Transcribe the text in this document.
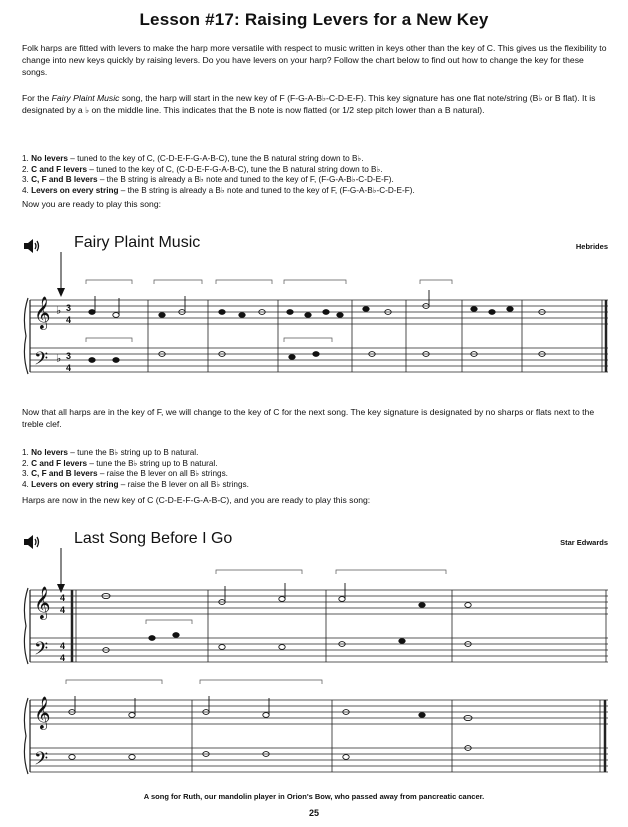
Lesson #17: Raising Levers for a New Key
Folk harps are fitted with levers to make the harp more versatile with respect to music written in keys other than the key of C. This gives us the flexibility to change into new keys quickly by raising levers. Do you have levers on your harp? Follow the chart below to find out how to change the key for these songs.
For the Fairy Plaint Music song, the harp will start in the new key of F (F-G-A-B♭-C-D-E-F). This key signature has one flat note/string (B♭ or B flat). It is designated by a ♭ on the middle line. This indicates that the B note is now flatted (or 1/2 step pitch lower than a B natural).
1. No levers – tuned to the key of C, (C-D-E-F-G-A-B-C), tune the B natural string down to B♭.
2. C and F levers – tuned to the key of C, (C-D-E-F-G-A-B-C), tune the B natural string down to B♭.
3. C, F and B levers – the B string is already a B♭ note and tuned to the key of F, (F-G-A-B♭-C-D-E-F).
4. Levers on every string – the B string is already a B♭ note and tuned to the key of F, (F-G-A-B♭-C-D-E-F).
Now you are ready to play this song:
Fairy Plaint Music	Hebrides
𝄞
𝄢
♭
♭
3
4
3
4
Now that all harps are in the key of F, we will change to the key of C for the next song. The key signature is designated by no sharps or flats next to the treble clef.
1. No levers – tune the B♭ string up to B natural.
2. C and F levers – tune the B♭ string up to B natural.
3. C, F and B levers – raise the B lever on all B♭ strings.
4. Levers on every string – raise the B lever on all B♭ strings.
Harps are now in the new key of C (C-D-E-F-G-A-B-C), and you are ready to play this song:
Last Song Before I Go	Star Edwards
𝄞
𝄢
4
4
4
4
𝄞
𝄢
A song for Ruth, our mandolin player in Orion's Bow, who passed away from pancreatic cancer.
25
